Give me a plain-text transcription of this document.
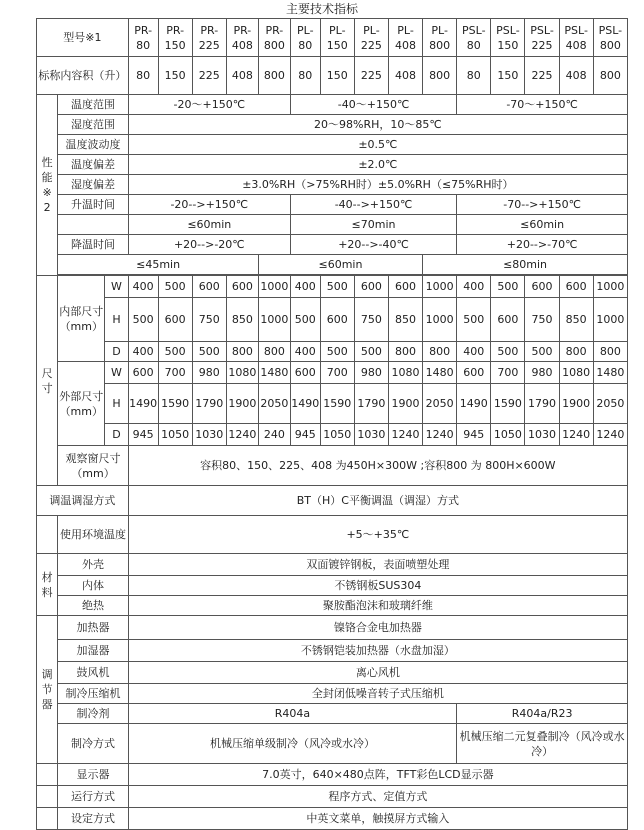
主要技术指标
型号※1			PR-80	PR-150	PR-225	PR-408	PR-800	PL-80	PL-150	PL-225	PL-408	PL-800	PSL-80	PSL-150	PSL-225	PSL-408	PSL-800
标称内容积（升）			80	150	225	408	800	80	150	225	408	800	80	150	225	408	800
性
能
※
2	温度范围		-20～+150℃					-40～+150℃					-70～+150℃				
	湿度范围		20～98%RH，10～85℃														
	温度波动度		±0.5℃														
	温度偏差		±2.0℃														
	湿度偏差		±3.0%RH（>75%RH时）±5.0%RH（≤75%RH时）														
	升温时间		-20-->+150℃					-40-->+150℃					-70-->+150℃				
			≤60min					≤70min					≤60min				
	降温时间		+20-->-20℃					+20-->-40℃					+20-->-70℃				
	≤45min						≤60min					≤80min					

尺
寸	内部尺寸（mm）	W	400	500	600	600	1000	400	500	600	600	1000	400	500	600	600	1000
		H	500	600	750	850	1000	500	600	750	850	1000	500	600	750	850	1000
		D	400	500	500	800	800	400	500	500	800	800	400	500	500	800	800
	外部尺寸（mm）	W	600	700	980	1080	1480	600	700	980	1080	1480	600	700	980	1080	1480
		H	1490	1590	1790	1900	2050	1490	1590	1790	1900	2050	1490	1590	1790	1900	2050
		D	945	1050	1030	1240	240	945	1050	1030	1240	1240	945	1050	1030	1240	1240
	观察窗尺寸（mm）		容积80、150、225、408 为450H×300W ;容积800 为 800H×600W														
调温调湿方式			BT（H）C平衡调温（调湿）方式														
	使用环境温度		+5～+35℃														
材
料	外壳		双面镀锌钢板，表面喷塑处理														
	内体		不锈钢板SUS304														
	绝热		聚胺酯泡沫和玻璃纤维														
调
节
器	加热器		镍铬合金电加热器														
	加湿器		不锈钢铠装加热器（水盘加湿）														
	鼓风机		离心风机														
	制冷压缩机		全封闭低噪音转子式压缩机														
	制冷剂		R404a										R404a/R23				
	制冷方式		机械压缩单级制冷（风冷或水冷）										机械压缩二元复叠制冷（风冷或水冷）				
	显示器		7.0英寸，640×480点阵，TFT彩色LCD显示器														
	运行方式		程序方式、定值方式														
	设定方式		中英文菜单，触摸屏方式输入														
